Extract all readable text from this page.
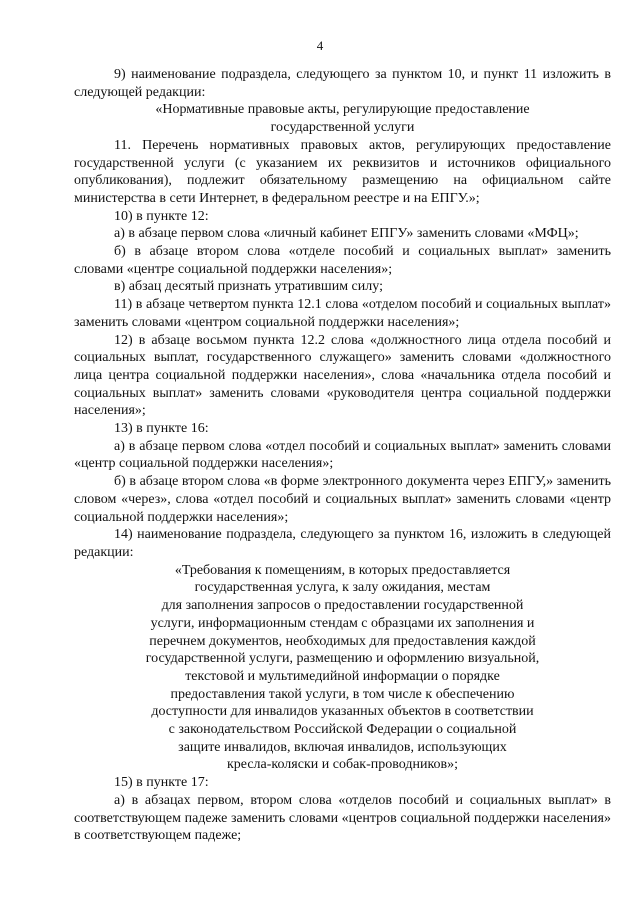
4

9) наименование подраздела, следующего за пунктом 10, и пункт 11 изложить в следующей редакции:

«Нормативные правовые акты, регулирующие предоставление

государственной услуги

11. Перечень нормативных правовых актов, регулирующих предоставление государственной услуги (с указанием их реквизитов и источников официального опубликования), подлежит обязательному размещению на официальном сайте министерства в сети Интернет, в федеральном реестре и на ЕПГУ.»;

10) в пункте 12:

а) в абзаце первом слова «личный кабинет ЕПГУ» заменить словами «МФЦ»;

б) в абзаце втором слова «отделе пособий и социальных выплат» заменить словами «центре социальной поддержки населения»;

в) абзац десятый признать утратившим силу;

11) в абзаце четвертом пункта 12.1 слова «отделом пособий и социальных выплат» заменить словами «центром социальной поддержки населения»;

12) в абзаце восьмом пункта 12.2 слова «должностного лица отдела пособий и социальных выплат, государственного служащего» заменить словами «должностного лица центра социальной поддержки населения», слова «начальника отдела пособий и социальных выплат» заменить словами «руководителя центра социальной поддержки населения»;

13) в пункте 16:

а) в абзаце первом слова «отдел пособий и социальных выплат» заменить словами «центр социальной поддержки населения»;

б) в абзаце втором слова «в форме электронного документа через ЕПГУ,» заменить словом «через», слова «отдел пособий и социальных выплат» заменить словами «центр социальной поддержки населения»;

14) наименование подраздела, следующего за пунктом 16, изложить в следующей редакции:

«Требования к помещениям, в которых предоставляется

государственная услуга, к залу ожидания, местам

для заполнения запросов о предоставлении государственной

услуги, информационным стендам с образцами их заполнения и

перечнем документов, необходимых для предоставления каждой

государственной услуги, размещению и оформлению визуальной,

текстовой и мультимедийной информации о порядке

предоставления такой услуги, в том числе к обеспечению

доступности для инвалидов указанных объектов в соответствии

с законодательством Российской Федерации о социальной

защите инвалидов, включая инвалидов, использующих

кресла-коляски и собак-проводников»;

15) в пункте 17:

а) в абзацах первом, втором слова «отделов пособий и социальных выплат» в соответствующем падеже заменить словами «центров социальной поддержки населения» в соответствующем падеже;
